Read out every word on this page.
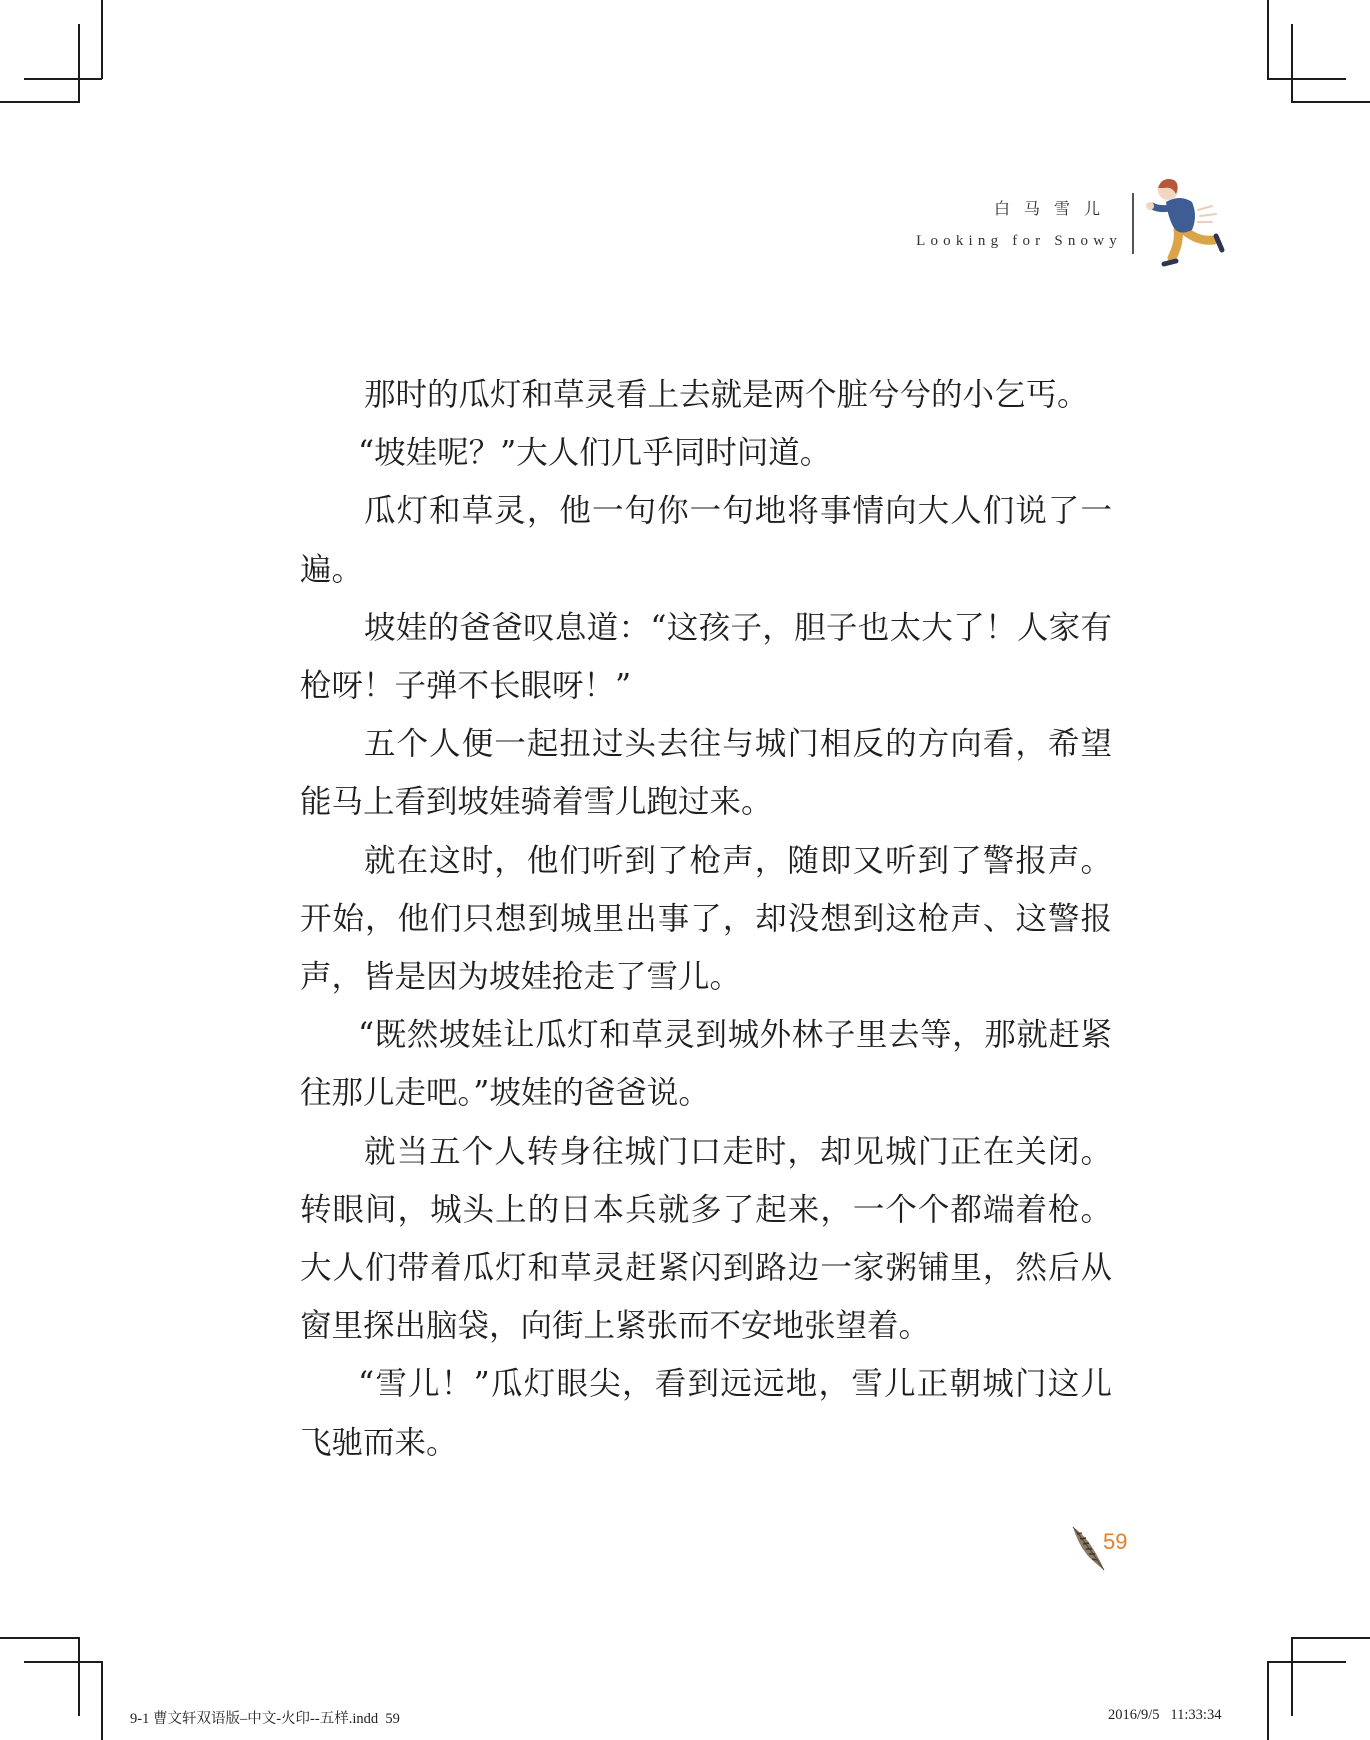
白马雪儿
Looking for Snowy

那时的瓜灯和草灵看上去就是两个脏兮兮的小乞丐。

“坡娃呢？”大人们几乎同时问道。

瓜灯和草灵，他一句你一句地将事情向大人们说了一遍。

坡娃的爸爸叹息道：“这孩子，胆子也太大了！人家有枪呀！子弹不长眼呀！”

五个人便一起扭过头去往与城门相反的方向看，希望能马上看到坡娃骑着雪儿跑过来。

就在这时，他们听到了枪声，随即又听到了警报声。开始，他们只想到城里出事了，却没想到这枪声、这警报声，皆是因为坡娃抢走了雪儿。

“既然坡娃让瓜灯和草灵到城外林子里去等，那就赶紧往那儿走吧。”坡娃的爸爸说。

就当五个人转身往城门口走时，却见城门正在关闭。转眼间，城头上的日本兵就多了起来，一个个都端着枪。大人们带着瓜灯和草灵赶紧闪到路边一家粥铺里，然后从窗里探出脑袋，向街上紧张而不安地张望着。

“雪儿！”瓜灯眼尖，看到远远地，雪儿正朝城门这儿飞驰而来。

59
9-1 曹文轩双语版–中文-火印--五样.indd  59	2016/9/5   11:33:34
